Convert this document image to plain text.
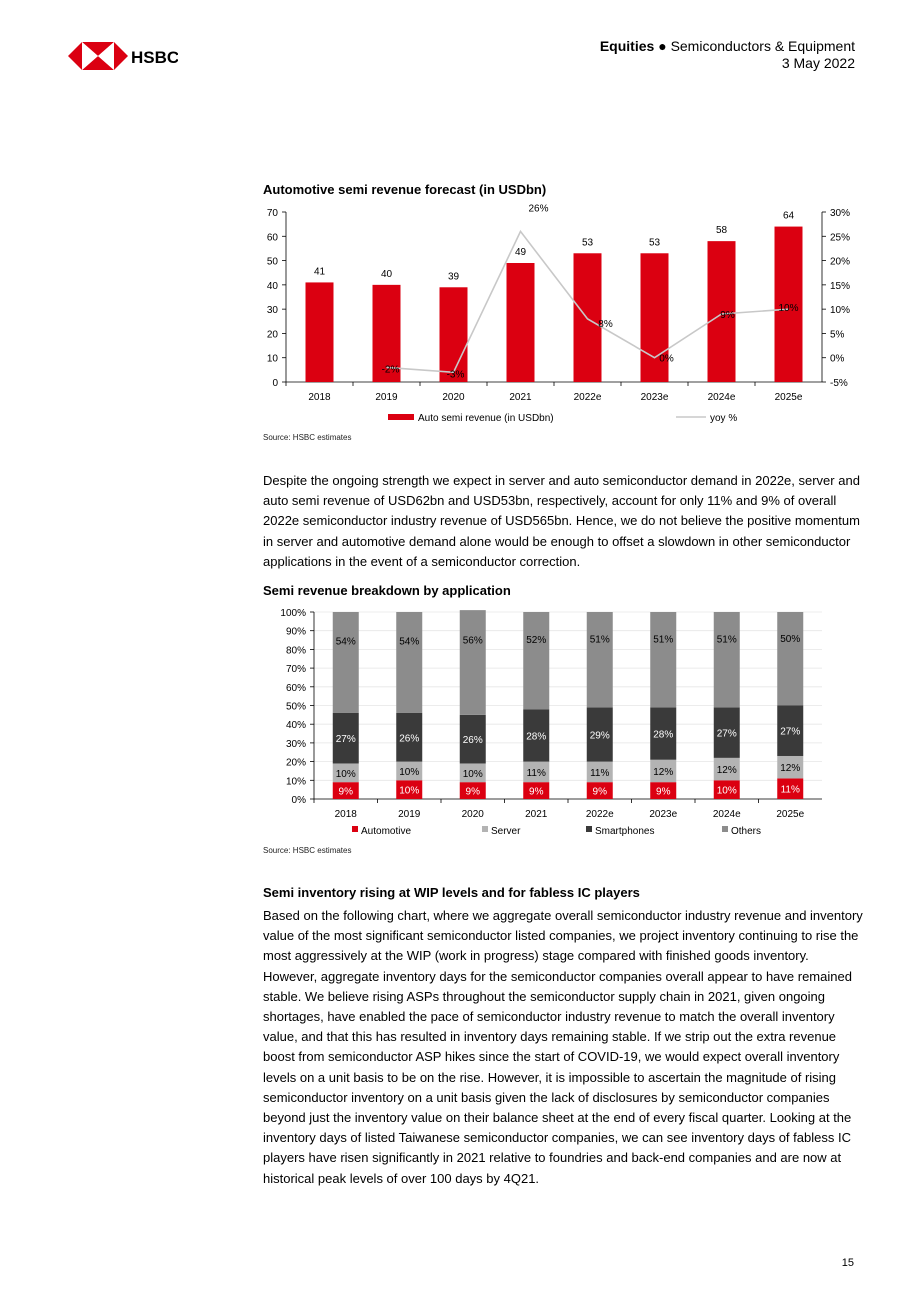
HSBC
Equities ● Semiconductors & Equipment
3 May 2022
Automotive semi revenue forecast (in USDbn)
0
10
20
30
40
50
60
70
-5%
0%
5%
10%
15%
20%
25%
30%
41
2018
40
2019
39
2020
49
2021
53
2022e
53
2023e
58
2024e
64
2025e
-2%	-3%
26%
8%
0%
9%
10%
Auto semi revenue (in USDbn)	yoy %
Source: HSBC estimates

Despite the ongoing strength we expect in server and auto semiconductor demand in 2022e, server and auto semi revenue of USD62bn and USD53bn, respectively, account for only 11% and 9% of overall 2022e semiconductor industry revenue of USD565bn. Hence, we do not believe the positive momentum in server and automotive demand alone would be enough to offset a slowdown in other semiconductor applications in the event of a semiconductor correction.

Semi revenue breakdown by application
0%
10%
20%
30%
40%
50%
60%
70%
80%
90%
100%
9%
10%
27%
54%
2018
10%
10%
26%
54%
2019
9%
10%
26%
56%
2020
9%
11%
28%
52%
2021
9%
11%
29%
51%
2022e
9%
12%
28%
51%
2023e
10%
12%
27%
51%
2024e
11%
12%
27%
50%
2025e
Automotive	Server	Smartphones	Others
Source: HSBC estimates
Semi inventory rising at WIP levels and for fabless IC players

Based on the following chart, where we aggregate overall semiconductor industry revenue and inventory value of the most significant semiconductor listed companies, we project inventory continuing to rise the most aggressively at the WIP (work in progress) stage compared with finished goods inventory. However, aggregate inventory days for the semiconductor companies overall appear to have remained stable. We believe rising ASPs throughout the semiconductor supply chain in 2021, given ongoing shortages, have enabled the pace of semiconductor industry revenue to match the overall inventory value, and that this has resulted in inventory days remaining stable. If we strip out the extra revenue boost from semiconductor ASP hikes since the start of COVID-19, we would expect overall inventory levels on a unit basis to be on the rise. However, it is impossible to ascertain the magnitude of rising semiconductor inventory on a unit basis given the lack of disclosures by semiconductor companies beyond just the inventory value on their balance sheet at the end of every fiscal quarter. Looking at the inventory days of listed Taiwanese semiconductor companies, we can see inventory days of fabless IC players have risen significantly in 2021 relative to foundries and back-end companies and are now at historical peak levels of over 100 days by 4Q21.

15
